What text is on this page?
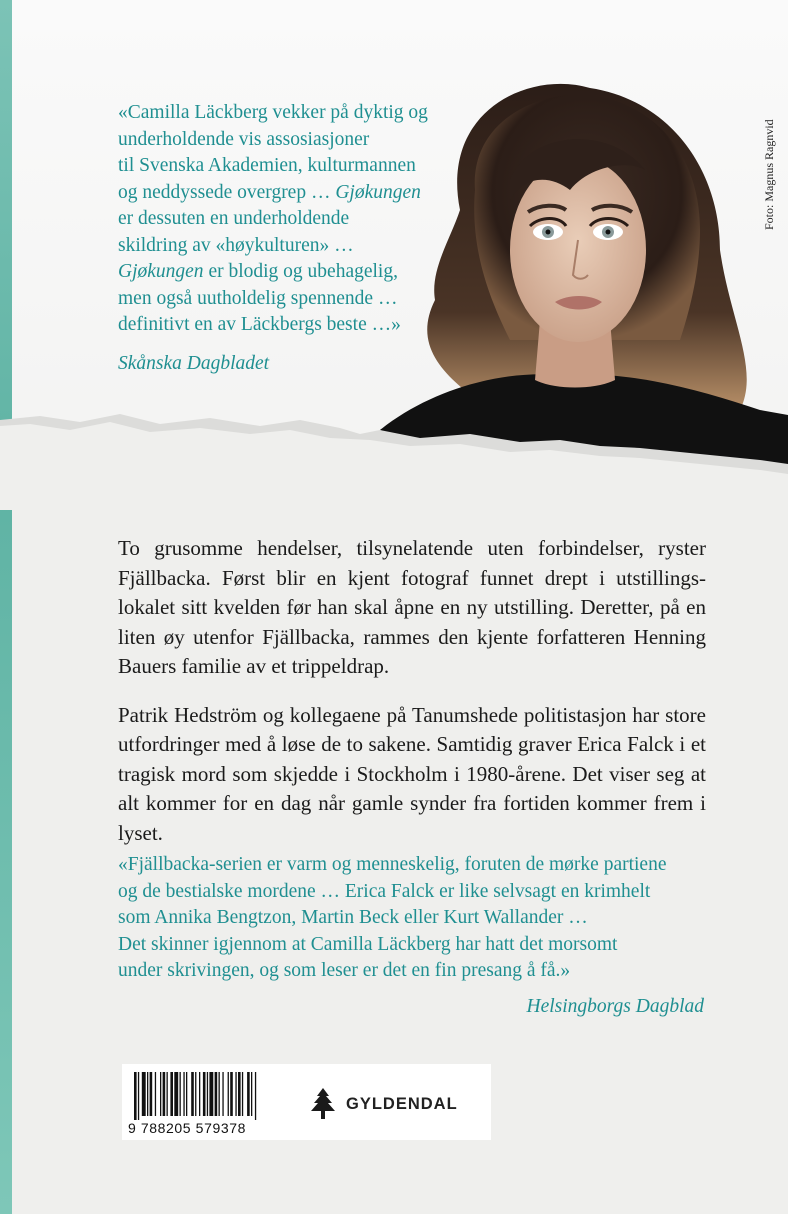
Foto: Magnus Ragnvid

«Camilla Läckberg vekker på dyktig og

underholdende vis assosiasjoner

til Svenska Akademien, kulturmannen

og neddyssede overgrep … Gjøkungen

er dessuten en underholdende

skildring av «høykulturen» …

Gjøkungen er blodig og ubehagelig,

men også uutholdelig spennende …

definitivt en av Läckbergs beste …»

Skånska Dagbladet

To grusomme hendelser, tilsynelatende uten forbindelser, ryster Fjällbacka. Først blir en kjent fotograf funnet drept i utstillings-lokalet sitt kvelden før han skal åpne en ny utstilling. Deretter, på en liten øy utenfor Fjällbacka, rammes den kjente forfatteren Henning Bauers familie av et trippeldrap.

Patrik Hedström og kollegaene på Tanumshede politistasjon har store utfordringer med å løse de to sakene. Samtidig graver Erica Falck i et tragisk mord som skjedde i Stockholm i 1980-årene. Det viser seg at alt kommer for en dag når gamle synder fra fortiden kommer frem i lyset.

«Fjällbacka-serien er varm og menneskelig, foruten de mørke partiene

og de bestialske mordene … Erica Falck er like selvsagt en krimhelt

som Annika Bengtzon, Martin Beck eller Kurt Wallander …

Det skinner igjennom at Camilla Läckberg har hatt det morsomt

under skrivingen, og som leser er det en fin presang å få.»

Helsingborgs Dagblad

9 788205 579378
GYLDENDAL
